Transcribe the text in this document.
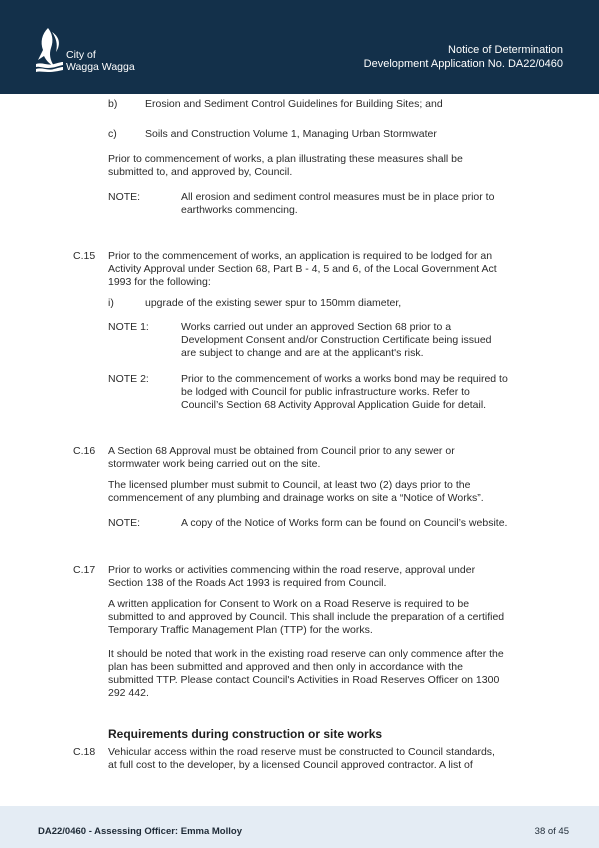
City of
Wagga Wagga
Notice of Determination
Development Application No. DA22/0460
b)	Erosion and Sediment Control Guidelines for Building Sites; and
c)	Soils and Construction Volume 1, Managing Urban Stormwater
Prior to commencement of works, a plan illustrating these measures shall be
submitted to, and approved by, Council.
NOTE:	All erosion and sediment control measures must be in place prior to
earthworks commencing.
C.15 Prior to the commencement of works, an application is required to be lodged for an
Activity Approval under Section 68, Part B - 4, 5 and 6, of the Local Government Act
1993 for the following:
i)	upgrade of the existing sewer spur to 150mm diameter,
NOTE 1:	Works carried out under an approved Section 68 prior to a
Development Consent and/or Construction Certificate being issued
are subject to change and are at the applicant's risk.
NOTE 2:	Prior to the commencement of works a works bond may be required to
be lodged with Council for public infrastructure works. Refer to
Council’s Section 68 Activity Approval Application Guide for detail.
C.16 A Section 68 Approval must be obtained from Council prior to any sewer or
stormwater work being carried out on the site.
The licensed plumber must submit to Council, at least two (2) days prior to the
commencement of any plumbing and drainage works on site a “Notice of Works”.
NOTE:	A copy of the Notice of Works form can be found on Council’s website.
C.17 Prior to works or activities commencing within the road reserve, approval under
Section 138 of the Roads Act 1993 is required from Council.
A written application for Consent to Work on a Road Reserve is required to be
submitted to and approved by Council. This shall include the preparation of a certified
Temporary Traffic Management Plan (TTP) for the works.
It should be noted that work in the existing road reserve can only commence after the
plan has been submitted and approved and then only in accordance with the
submitted TTP. Please contact Council's Activities in Road Reserves Officer on 1300
292 442.
Requirements during construction or site works
C.18 Vehicular access within the road reserve must be constructed to Council standards,
at full cost to the developer, by a licensed Council approved contractor. A list of
DA22/0460 - Assessing Officer: Emma Molloy	38 of 45
